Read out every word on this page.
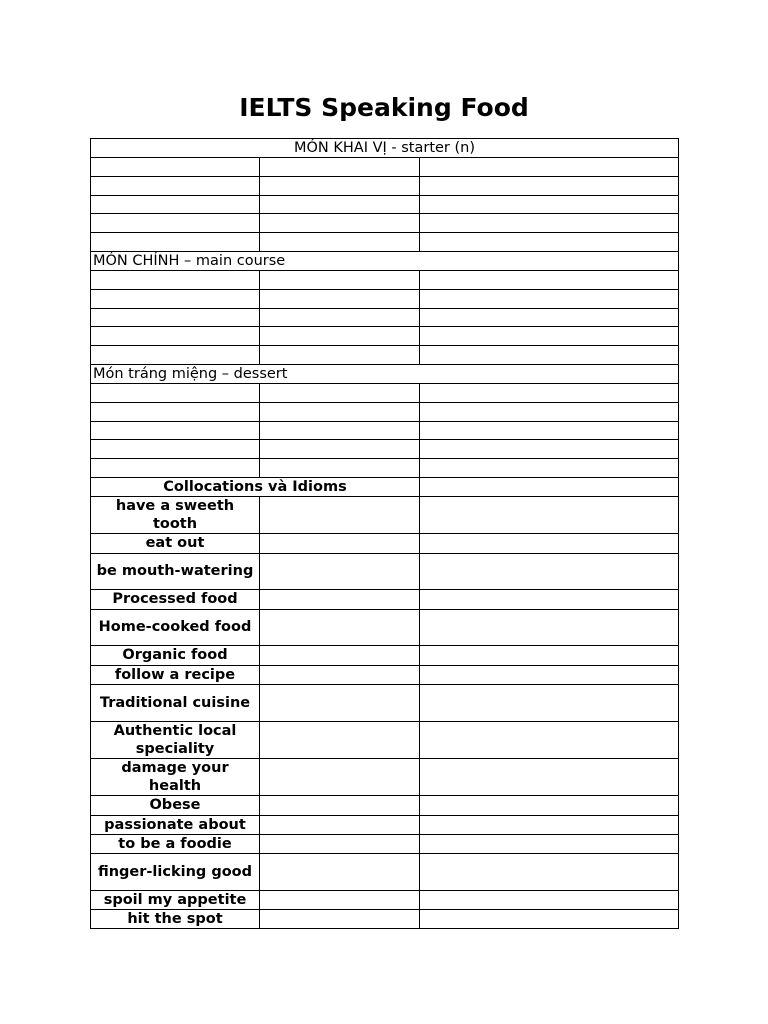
IELTS Speaking Food
MÓN KHAI VỊ - starter (n)		

MÓN CHÍNH – main course		

Món tráng miệng – dessert		

Collocations và Idioms		
have a sweeth tooth		
eat out		
be mouth-watering		
Processed food		
Home-cooked food		
Organic food		
follow a recipe		
Traditional cuisine		
Authentic local speciality		
damage your health		
Obese		
passionate about		
to be a foodie		
finger-licking good		
spoil my appetite		
hit the spot		
